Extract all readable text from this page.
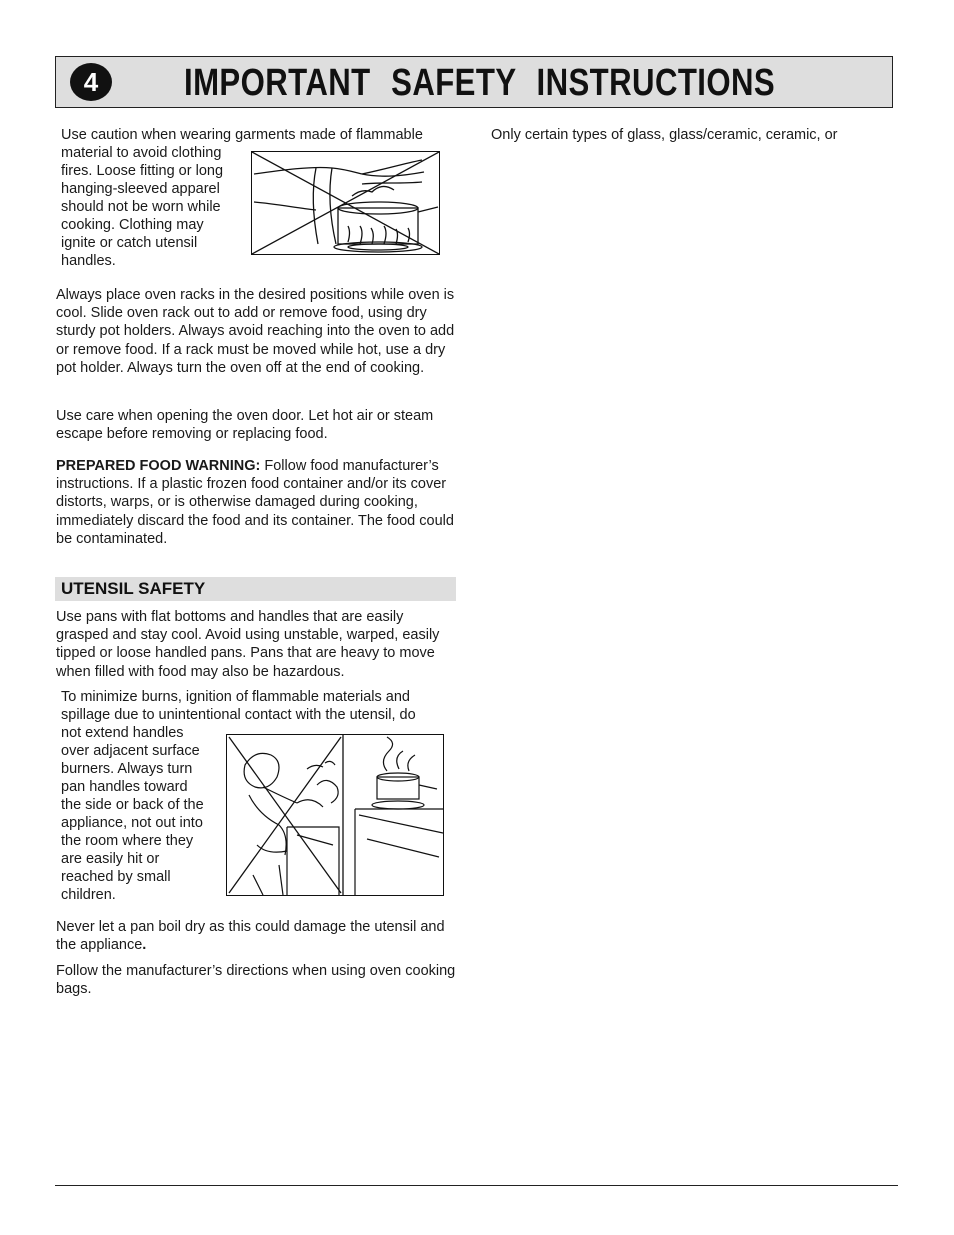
4	IMPORTANT SAFETY INSTRUCTIONS

Use caution when wearing garments made of flammable

material to avoid clothing

fires. Loose fitting or long

hanging-sleeved apparel

should not be worn while

cooking. Clothing may

ignite or catch utensil

handles.

Always place oven racks in the desired positions while oven is cool. Slide oven rack out to add or remove food, using dry sturdy pot holders. Always avoid reaching into the oven to add or remove food. If a rack must be moved while hot, use a dry pot holder. Always turn the oven off at the end of cooking.

Use care when opening the oven door. Let hot air or steam escape before removing or replacing food.

PREPARED FOOD WARNING: Follow food manufacturer’s instructions. If a plastic frozen food container and/or its cover distorts, warps, or is otherwise damaged during cooking, immediately discard the food and its container. The food could be contaminated.

UTENSIL SAFETY

Use pans with flat bottoms and handles that are easily grasped and stay cool. Avoid using unstable, warped, easily tipped or loose handled pans. Pans that are heavy to move when filled with food may also be hazardous.

To minimize burns, ignition of flammable materials and

spillage due to unintentional contact with the utensil, do

not extend handles

over adjacent surface

burners. Always turn

pan handles toward

the side or back of the

appliance, not out into

the room where they

are easily hit or

reached by small

children.

Never let a pan boil dry as this could damage the utensil and the appliance.

Follow the manufacturer’s directions when using oven cooking bags.

Only certain types of glass, glass/ceramic, ceramic, or
